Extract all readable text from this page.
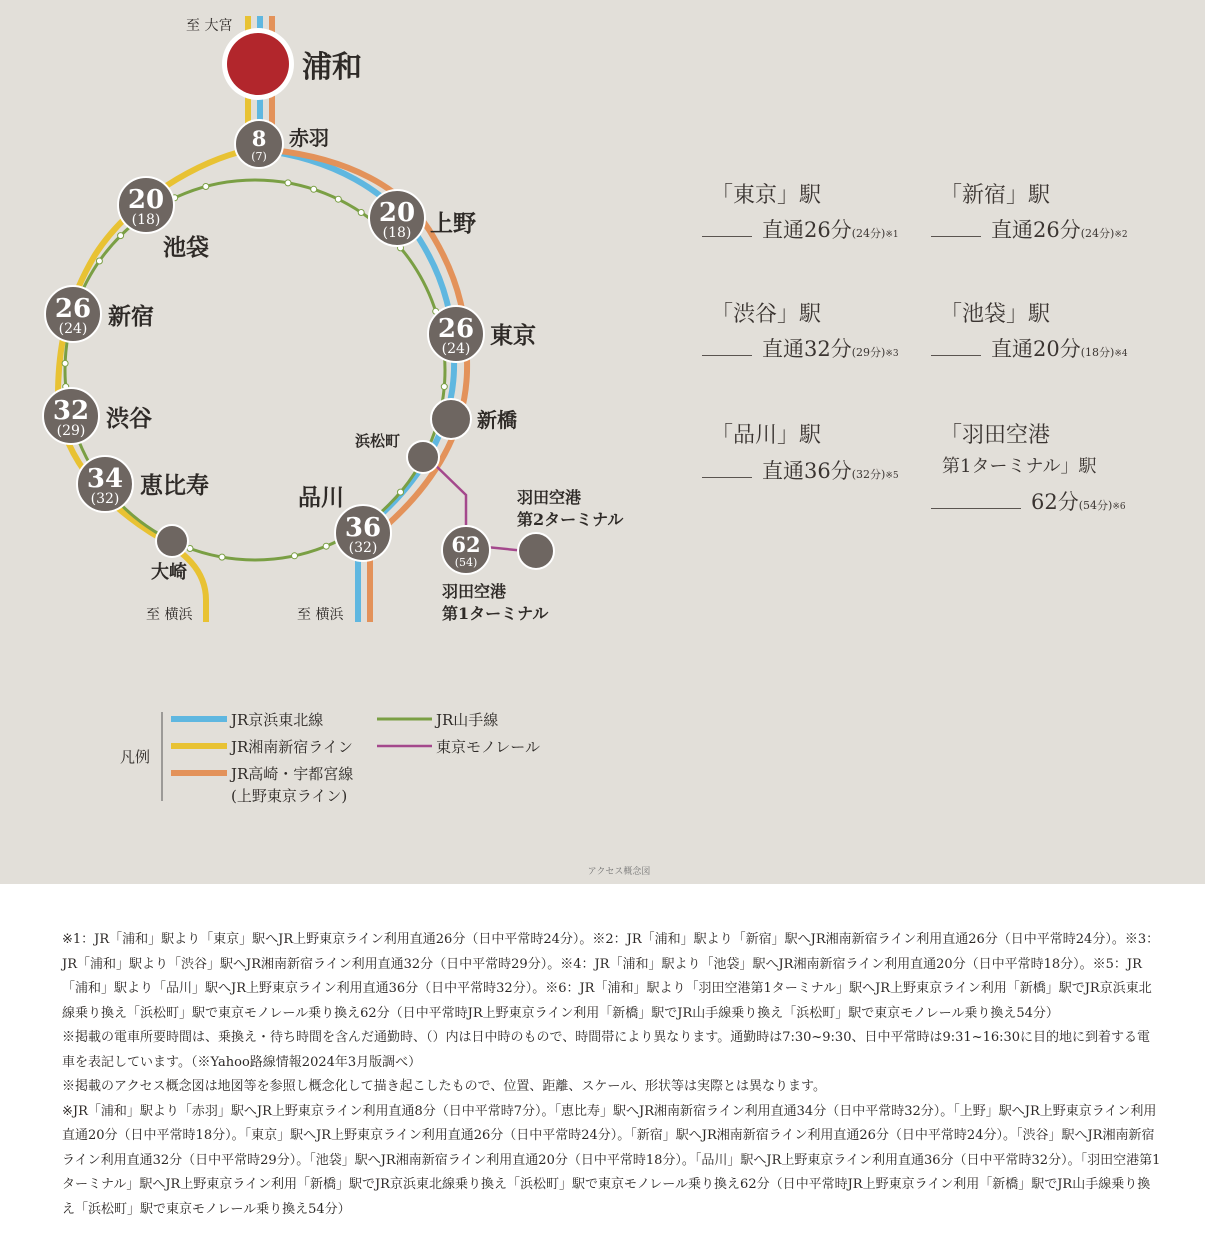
浦和
至 大宮
至 横浜	至 横浜
8
(7)
赤羽
20
(18)
池袋
20
(18) 上野
26
(24) 新宿	26
(24) 東京
32
(29) 渋谷
34
(32) 恵比寿
36
(32)
品川
62
(54)
新橋
浜松町
大崎
羽田空港
第2ターミナル
羽田空港
第1ターミナル
凡例
JR京浜東北線
JR湘南新宿ライン
JR高崎・宇都宮線
(上野東京ライン)
JR山手線
東京モノレール
「東京」駅
直通26分(24分)※1
「新宿」駅
直通26分(24分)※2
「渋谷」駅
直通32分(29分)※3
「池袋」駅
直通20分(18分)※4
「品川」駅
直通36分(32分)※5
「羽田空港
第1ターミナル」駅
62分(54分)※6
アクセス概念図

※1：JR「浦和」駅より「東京」駅へJR上野東京ライン利用直通26分（日中平常時24分）。※2：JR「浦和」駅より「新宿」駅へJR湘南新宿ライン利用直通26分（日中平常時24分）。※3：JR「浦和」駅より「渋谷」駅へJR湘南新宿ライン利用直通32分（日中平常時29分）。※4：JR「浦和」駅より「池袋」駅へJR湘南新宿ライン利用直通20分（日中平常時18分）。※5：JR「浦和」駅より「品川」駅へJR上野東京ライン利用直通36分（日中平常時32分）。※6：JR「浦和」駅より「羽田空港第1ターミナル」駅へJR上野東京ライン利用「新橋」駅でJR京浜東北線乗り換え「浜松町」駅で東京モノレール乗り換え62分（日中平常時JR上野東京ライン利用「新橋」駅でJR山手線乗り換え「浜松町」駅で東京モノレール乗り換え54分）

※掲載の電車所要時間は、乗換え・待ち時間を含んだ通勤時、（）内は日中時のもので、時間帯により異なります。通勤時は7:30~9:30、日中平常時は9:31~16:30に目的地に到着する電車を表記しています。（※Yahoo路線情報2024年3月版調べ）

※掲載のアクセス概念図は地図等を参照し概念化して描き起こしたもので、位置、距離、スケール、形状等は実際とは異なります。

※JR「浦和」駅より「赤羽」駅へJR上野東京ライン利用直通8分（日中平常時7分）。「恵比寿」駅へJR湘南新宿ライン利用直通34分（日中平常時32分）。「上野」駅へJR上野東京ライン利用直通20分（日中平常時18分）。「東京」駅へJR上野東京ライン利用直通26分（日中平常時24分）。「新宿」駅へJR湘南新宿ライン利用直通26分（日中平常時24分）。「渋谷」駅へJR湘南新宿ライン利用直通32分（日中平常時29分）。「池袋」駅へJR湘南新宿ライン利用直通20分（日中平常時18分）。「品川」駅へJR上野東京ライン利用直通36分（日中平常時32分）。「羽田空港第1ターミナル」駅へJR上野東京ライン利用「新橋」駅でJR京浜東北線乗り換え「浜松町」駅で東京モノレール乗り換え62分（日中平常時JR上野東京ライン利用「新橋」駅でJR山手線乗り換え「浜松町」駅で東京モノレール乗り換え54分）
